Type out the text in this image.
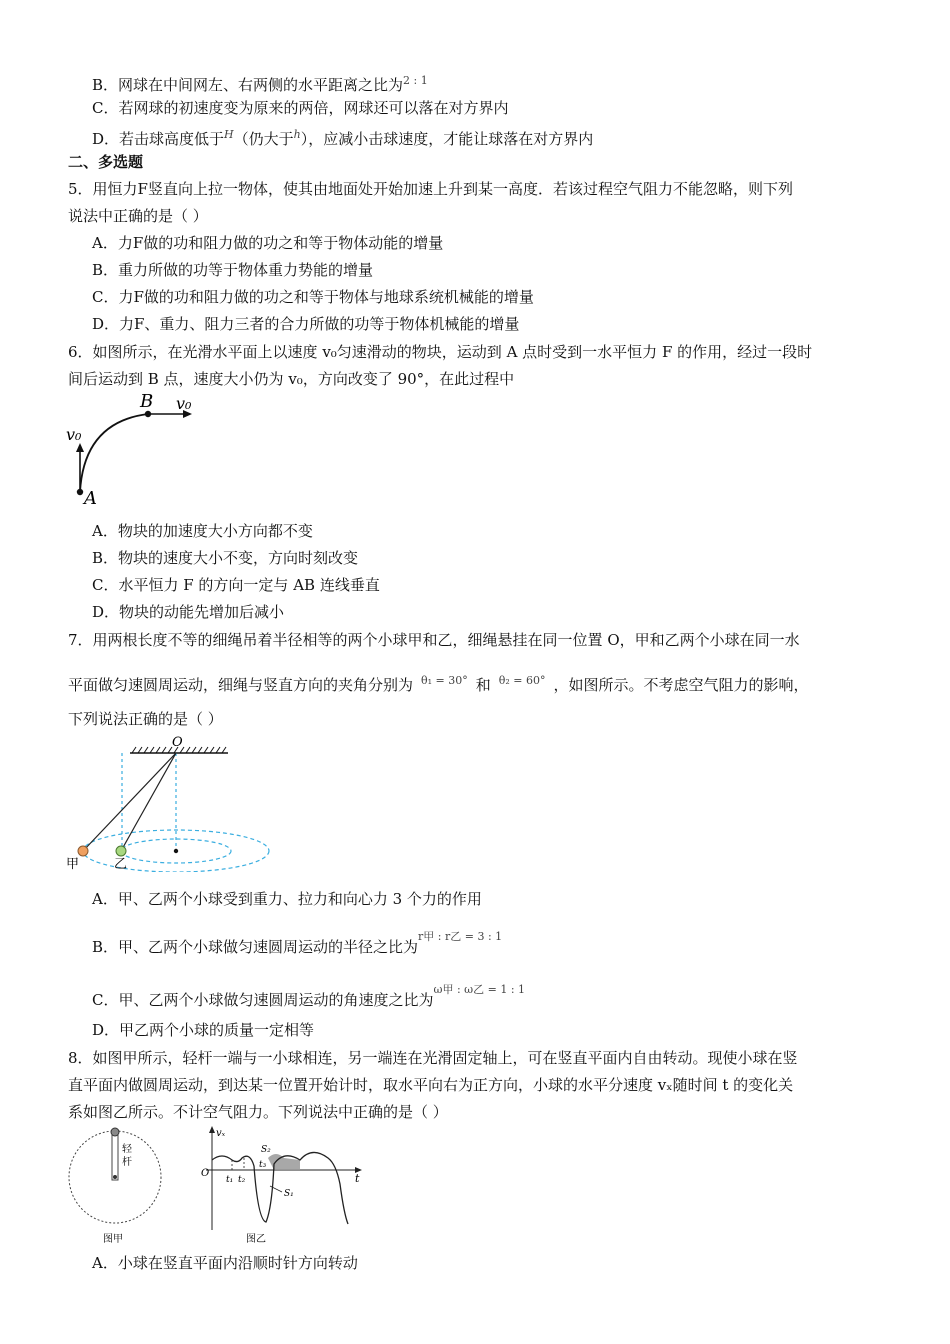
B．网球在中间网左、右两侧的水平距离之比为$^{2 : 1}$
C．若网球的初速度变为原来的两倍，网球还可以落在对方界内
D．若击球高度低于$^H$（仍大于$^h$），应减小击球速度，才能让球落在对方界内
二、多选题
5．用恒力F竖直向上拉一物体，使其由地面处开始加速上升到某一高度．若该过程空气阻力不能忽略，则下列
说法中正确的是（ ）
A．力F做的功和阻力做的功之和等于物体动能的增量
B．重力所做的功等于物体重力势能的增量
C．力F做的功和阻力做的功之和等于物体与地球系统机械能的增量
D．力F、重力、阻力三者的合力所做的功等于物体机械能的增量
6．如图所示，在光滑水平面上以速度 v₀匀速滑动的物块，运动到 A 点时受到一水平恒力 F 的作用，经过一段时
间后运动到 B 点，速度大小仍为 v₀，方向改变了 90°，在此过程中
B v₀
v₀
A
A．物块的加速度大小方向都不变
B．物块的速度大小不变，方向时刻改变
C．水平恒力 F 的方向一定与 AB 连线垂直
D．物块的动能先增加后减小
7．用两根长度不等的细绳吊着半径相等的两个小球甲和乙，细绳悬挂在同一位置 O，甲和乙两个小球在同一水
平面做匀速圆周运动，细绳与竖直方向的夹角分别为 $^{\theta_1 = 30^\circ}$ 和 $^{\theta_2 = 60^\circ}$ ，如图所示。不考虑空气阻力的影响，
下列说法正确的是（ ）
O
甲	乙
A．甲、乙两个小球受到重力、拉力和向心力 3 个力的作用
B．甲、乙两个小球做匀速圆周运动的半径之比为$^{r甲 : r乙 = 3 : 1}$
C．甲、乙两个小球做匀速圆周运动的角速度之比为$^{\omega 甲 : \omega 乙 = 1 : 1}$
D．甲乙两个小球的质量一定相等
8．如图甲所示，轻杆一端与一小球相连，另一端连在光滑固定轴上，可在竖直平面内自由转动。现使小球在竖
直平面内做圆周运动，到达某一位置开始计时，取水平向右为正方向，小球的水平分速度 vₓ随时间 t 的变化关
系如图乙所示。不计空气阻力。下列说法中正确的是（ ）
轻
杆
图甲
vₓ
O	t
t₁ t₂
t₃
S₂
S₁
图乙
A．小球在竖直平面内沿顺时针方向转动
